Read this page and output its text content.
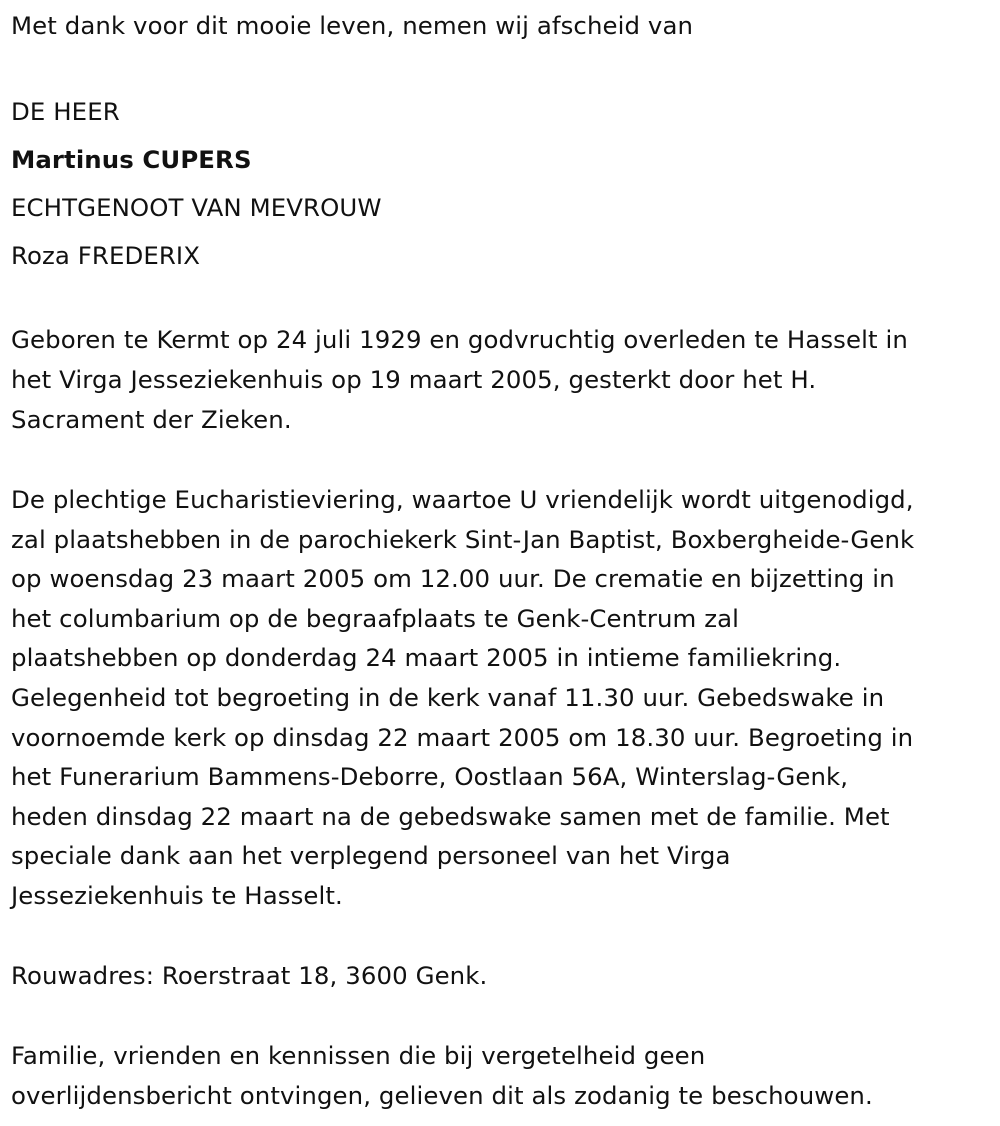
Met dank voor dit mooie leven, nemen wij afscheid van

DE HEER

Martinus CUPERS

ECHTGENOOT VAN MEVROUW

Roza FREDERIX

Geboren te Kermt op 24 juli 1929 en godvruchtig overleden te Hasselt in

het Virga Jesseziekenhuis op 19 maart 2005, gesterkt door het H.

Sacrament der Zieken.

De plechtige Eucharistieviering, waartoe U vriendelijk wordt uitgenodigd,

zal plaatshebben in de parochiekerk Sint-Jan Baptist, Boxbergheide-Genk

op woensdag 23 maart 2005 om 12.00 uur. De crematie en bijzetting in

het columbarium op de begraafplaats te Genk-Centrum zal

plaatshebben op donderdag 24 maart 2005 in intieme familiekring.

Gelegenheid tot begroeting in de kerk vanaf 11.30 uur. Gebedswake in

voornoemde kerk op dinsdag 22 maart 2005 om 18.30 uur. Begroeting in

het Funerarium Bammens-Deborre, Oostlaan 56A, Winterslag-Genk,

heden dinsdag 22 maart na de gebedswake samen met de familie. Met

speciale dank aan het verplegend personeel van het Virga

Jesseziekenhuis te Hasselt.

Rouwadres: Roerstraat 18, 3600 Genk.

Familie, vrienden en kennissen die bij vergetelheid geen

overlijdensbericht ontvingen, gelieven dit als zodanig te beschouwen.
